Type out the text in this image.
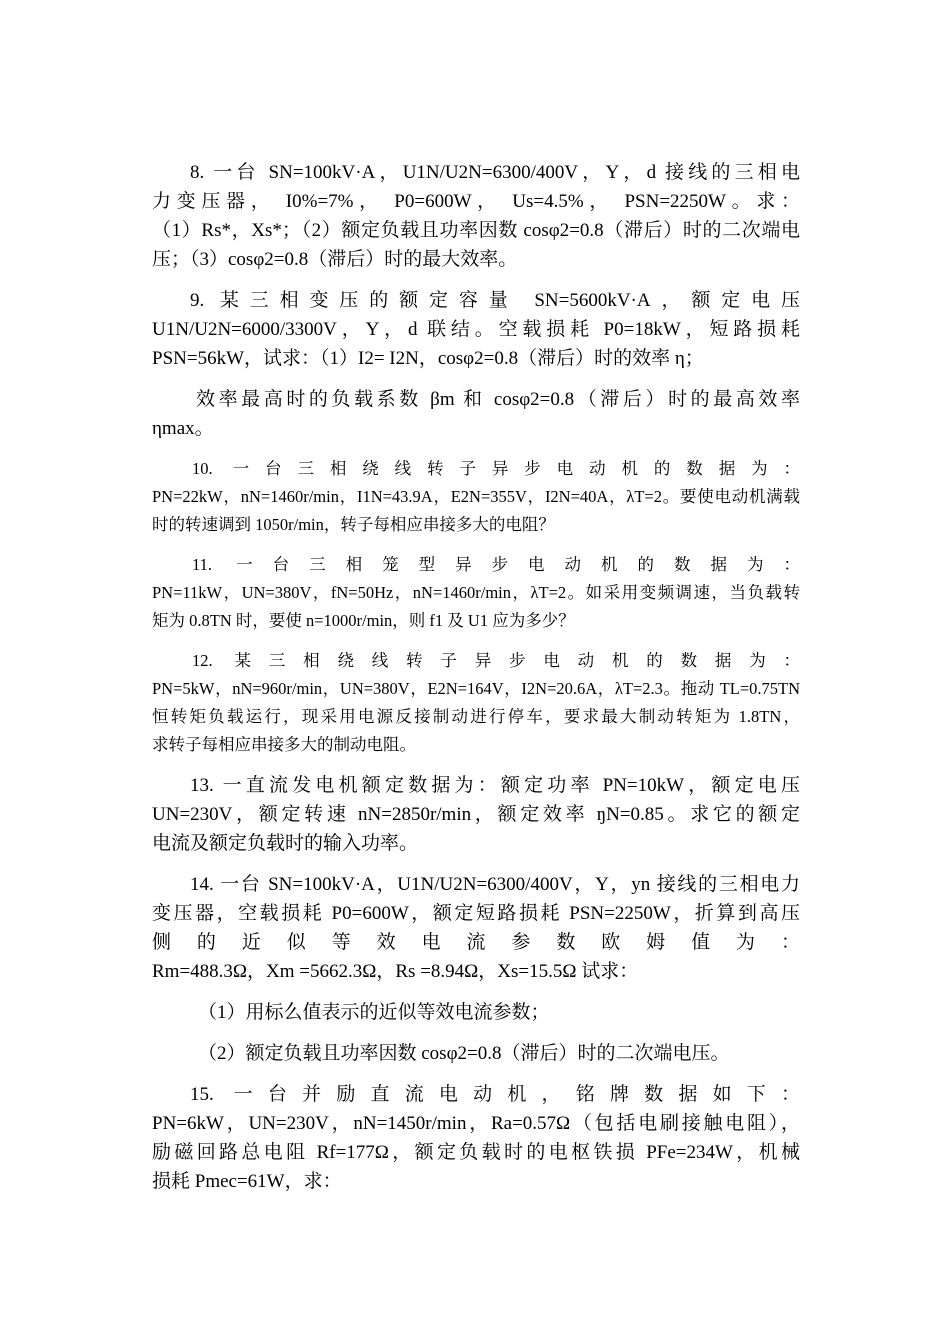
8. 一台 SN=100kV·A，U1N/U2N=6300/400V，Y，d 接线的三相电
力变压器， I0%=7%， P0=600W， Us=4.5%， PSN=2250W。求：
（1）Rs*，Xs*；（2）额定负载且功率因数 cosφ2=0.8（滞后）时的二次端电
压；（3）cosφ2=0.8（滞后）时的最大效率。
9. 某三相变压的额定容量 SN=5600kV·A，额定电压
U1N/U2N=6000/3300V，Y，d 联结。空载损耗 P0=18kW，短路损耗
PSN=56kW，试求：（1）I2= I2N，cosφ2=0.8（滞后）时的效率 η；
效率最高时的负载系数 βm 和 cosφ2=0.8（滞后）时的最高效率
ηmax。
10. 一台三相绕线转子异步电动机的数据为：
PN=22kW，nN=1460r/min，I1N=43.9A，E2N=355V，I2N=40A，λT=2。要使电动机满载
时的转速调到 1050r/min，转子每相应串接多大的电阻？
11. 一台三相笼型异步电动机的数据为：
PN=11kW，UN=380V，fN=50Hz，nN=1460r/min，λT=2。如采用变频调速，当负载转
矩为 0.8TN 时，要使 n=1000r/min，则 f1 及 U1 应为多少？
12. 某三相绕线转子异步电动机的数据为：
PN=5kW，nN=960r/min，UN=380V，E2N=164V，I2N=20.6A，λT=2.3。拖动 TL=0.75TN
恒转矩负载运行，现采用电源反接制动进行停车，要求最大制动转矩为 1.8TN，
求转子每相应串接多大的制动电阻。
13. 一直流发电机额定数据为：额定功率 PN=10kW，额定电压
UN=230V，额定转速 nN=2850r/min，额定效率 ŋN=0.85。求它的额定
电流及额定负载时的输入功率。
14. 一台 SN=100kV·A，U1N/U2N=6300/400V，Y，yn 接线的三相电力
变压器，空载损耗 P0=600W，额定短路损耗 PSN=2250W，折算到高压
侧的近似等效电流参数欧姆值为：
Rm=488.3Ω，Xm =5662.3Ω，Rs =8.94Ω，Xs=15.5Ω 试求：
（1）用标么值表示的近似等效电流参数；
（2）额定负载且功率因数 cosφ2=0.8（滞后）时的二次端电压。
15. 一台并励直流电动机，铭牌数据如下：
PN=6kW，UN=230V，nN=1450r/min，Ra=0.57Ω（包括电刷接触电阻），
励磁回路总电阻 Rf=177Ω，额定负载时的电枢铁损 PFe=234W，机械
损耗 Pmec=61W，求：
